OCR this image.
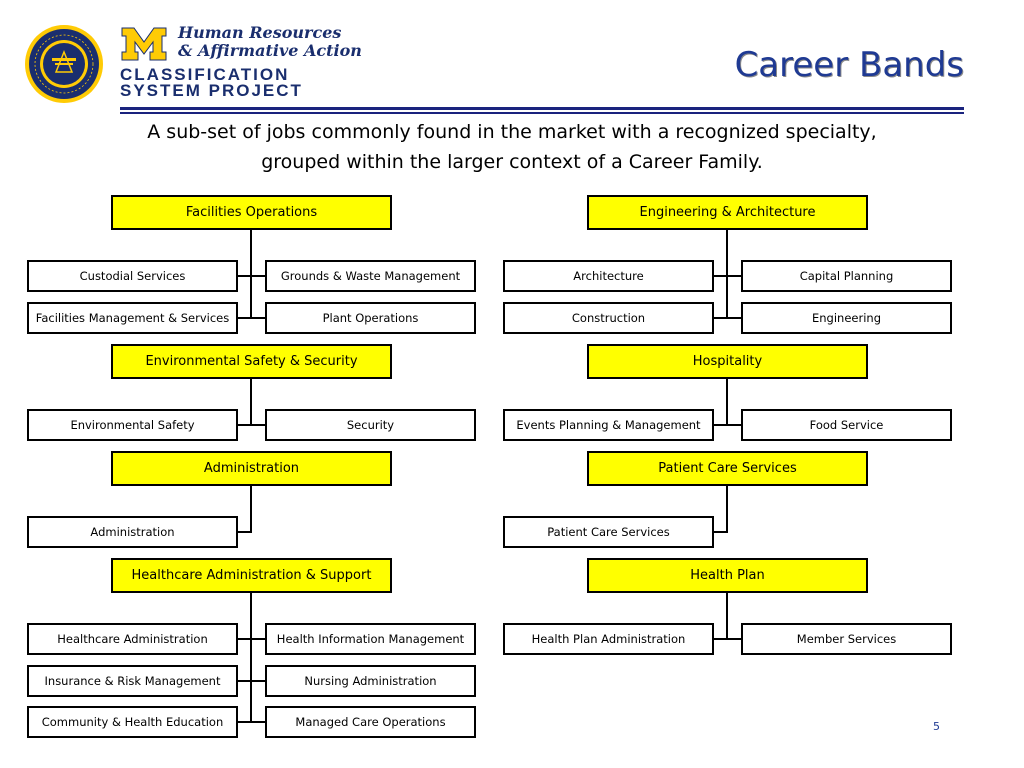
Human Resources
& Affirmative Action
CLASSIFICATION
SYSTEM PROJECT
Career Bands
A sub-set of jobs commonly found in the market with a recognized specialty,
grouped within the larger context of a Career Family.
Facilities Operations	Engineering & Architecture
Environmental Safety & Security	Hospitality
Administration	Patient Care Services
Healthcare Administration & Support	Health Plan
Custodial Services	Grounds & Waste Management
Facilities Management & Services	Plant Operations
Architecture	Capital Planning
Construction	Engineering
Environmental Safety	Security	Events Planning & Management	Food Service
Administration	Patient Care Services
Healthcare Administration	Health Information Management
Insurance & Risk Management	Nursing Administration
Community & Health Education	Managed Care Operations
Health Plan Administration	Member Services
5
